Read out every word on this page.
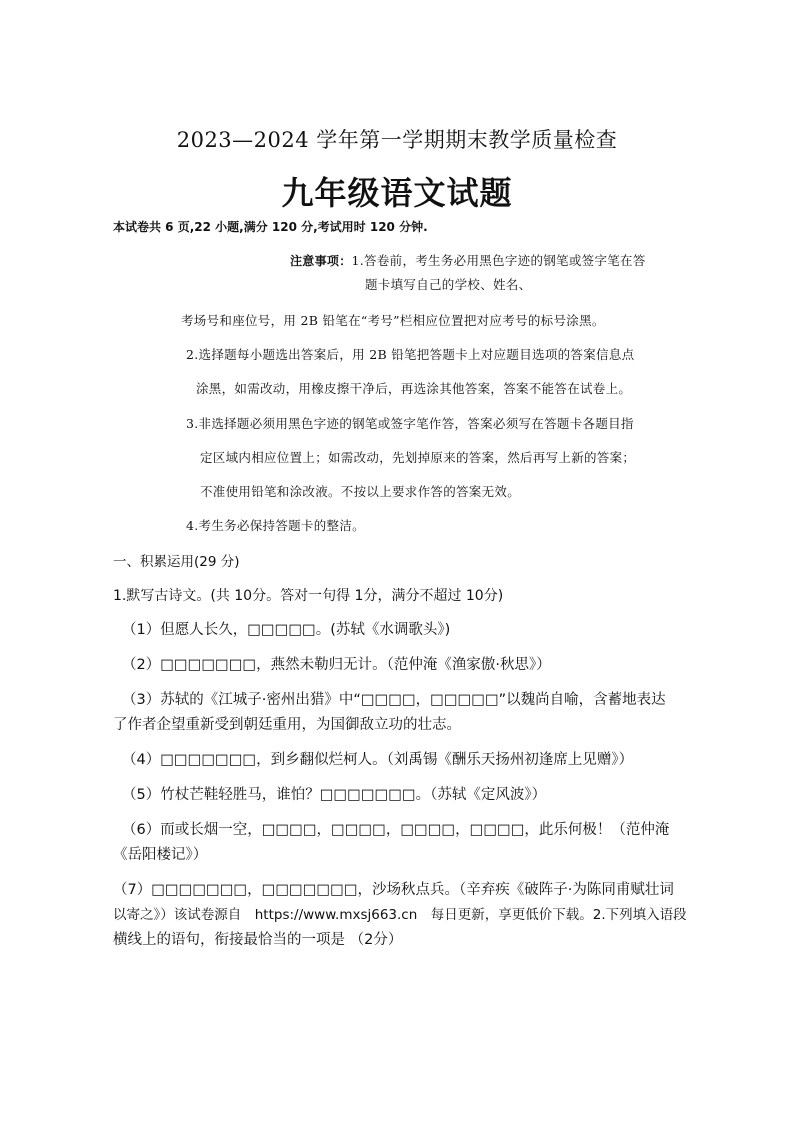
2023—2024 学年第一学期期末教学质量检查
九年级语文试题
本试卷共 6 页,22 小题,满分 120 分,考试用时 120 分钟.
注意事项：1.答卷前，考生务必用黑色字迹的钢笔或签字笔在答
题卡填写自己的学校、姓名、
考场号和座位号，用 2B 铅笔在“考号”栏相应位置把对应考号的标号涂黑。
2.选择题每小题选出答案后，用 2B 铅笔把答题卡上对应题目选项的答案信息点
涂黑，如需改动，用橡皮擦干净后，再选涂其他答案，答案不能答在试卷上。
3.非选择题必须用黑色字迹的钢笔或签字笔作答，答案必须写在答题卡各题目指
定区域内相应位置上；如需改动，先划掉原来的答案，然后再写上新的答案；
不准使用铅笔和涂改液。不按以上要求作答的答案无效。
4.考生务必保持答题卡的整洁。
一、积累运用(29 分)
1.默写古诗文。(共 10分。答对一句得 1分，满分不超过 10分)
（1）但愿人长久，□□□□□。(苏轼《水调歌头》)
（2）□□□□□□□，燕然未勒归无计。（范仲淹《渔家傲·秋思》）
（3）苏轼的《江城子·密州出猎》中“□□□□，□□□□□”以魏尚自喻，含蓄地表达
了作者企望重新受到朝廷重用，为国御敌立功的壮志。
（4）□□□□□□□，到乡翻似烂柯人。（刘禹锡《酬乐天扬州初逢席上见赠》）
（5）竹杖芒鞋轻胜马，谁怕？□□□□□□□。（苏轼《定风波》）
（6）而或长烟一空，□□□□，□□□□，□□□□，□□□□，此乐何极！（范仲淹
《岳阳楼记》）
（7）□□□□□□□，□□□□□□□，沙场秋点兵。（辛弃疾《破阵子·为陈同甫赋壮词
以寄之》）该试卷源自　https://www.mxsj663.cn　每日更新，享更低价下载。2.下列填入语段
横线上的语句，衔接最恰当的一项是 （2分）
